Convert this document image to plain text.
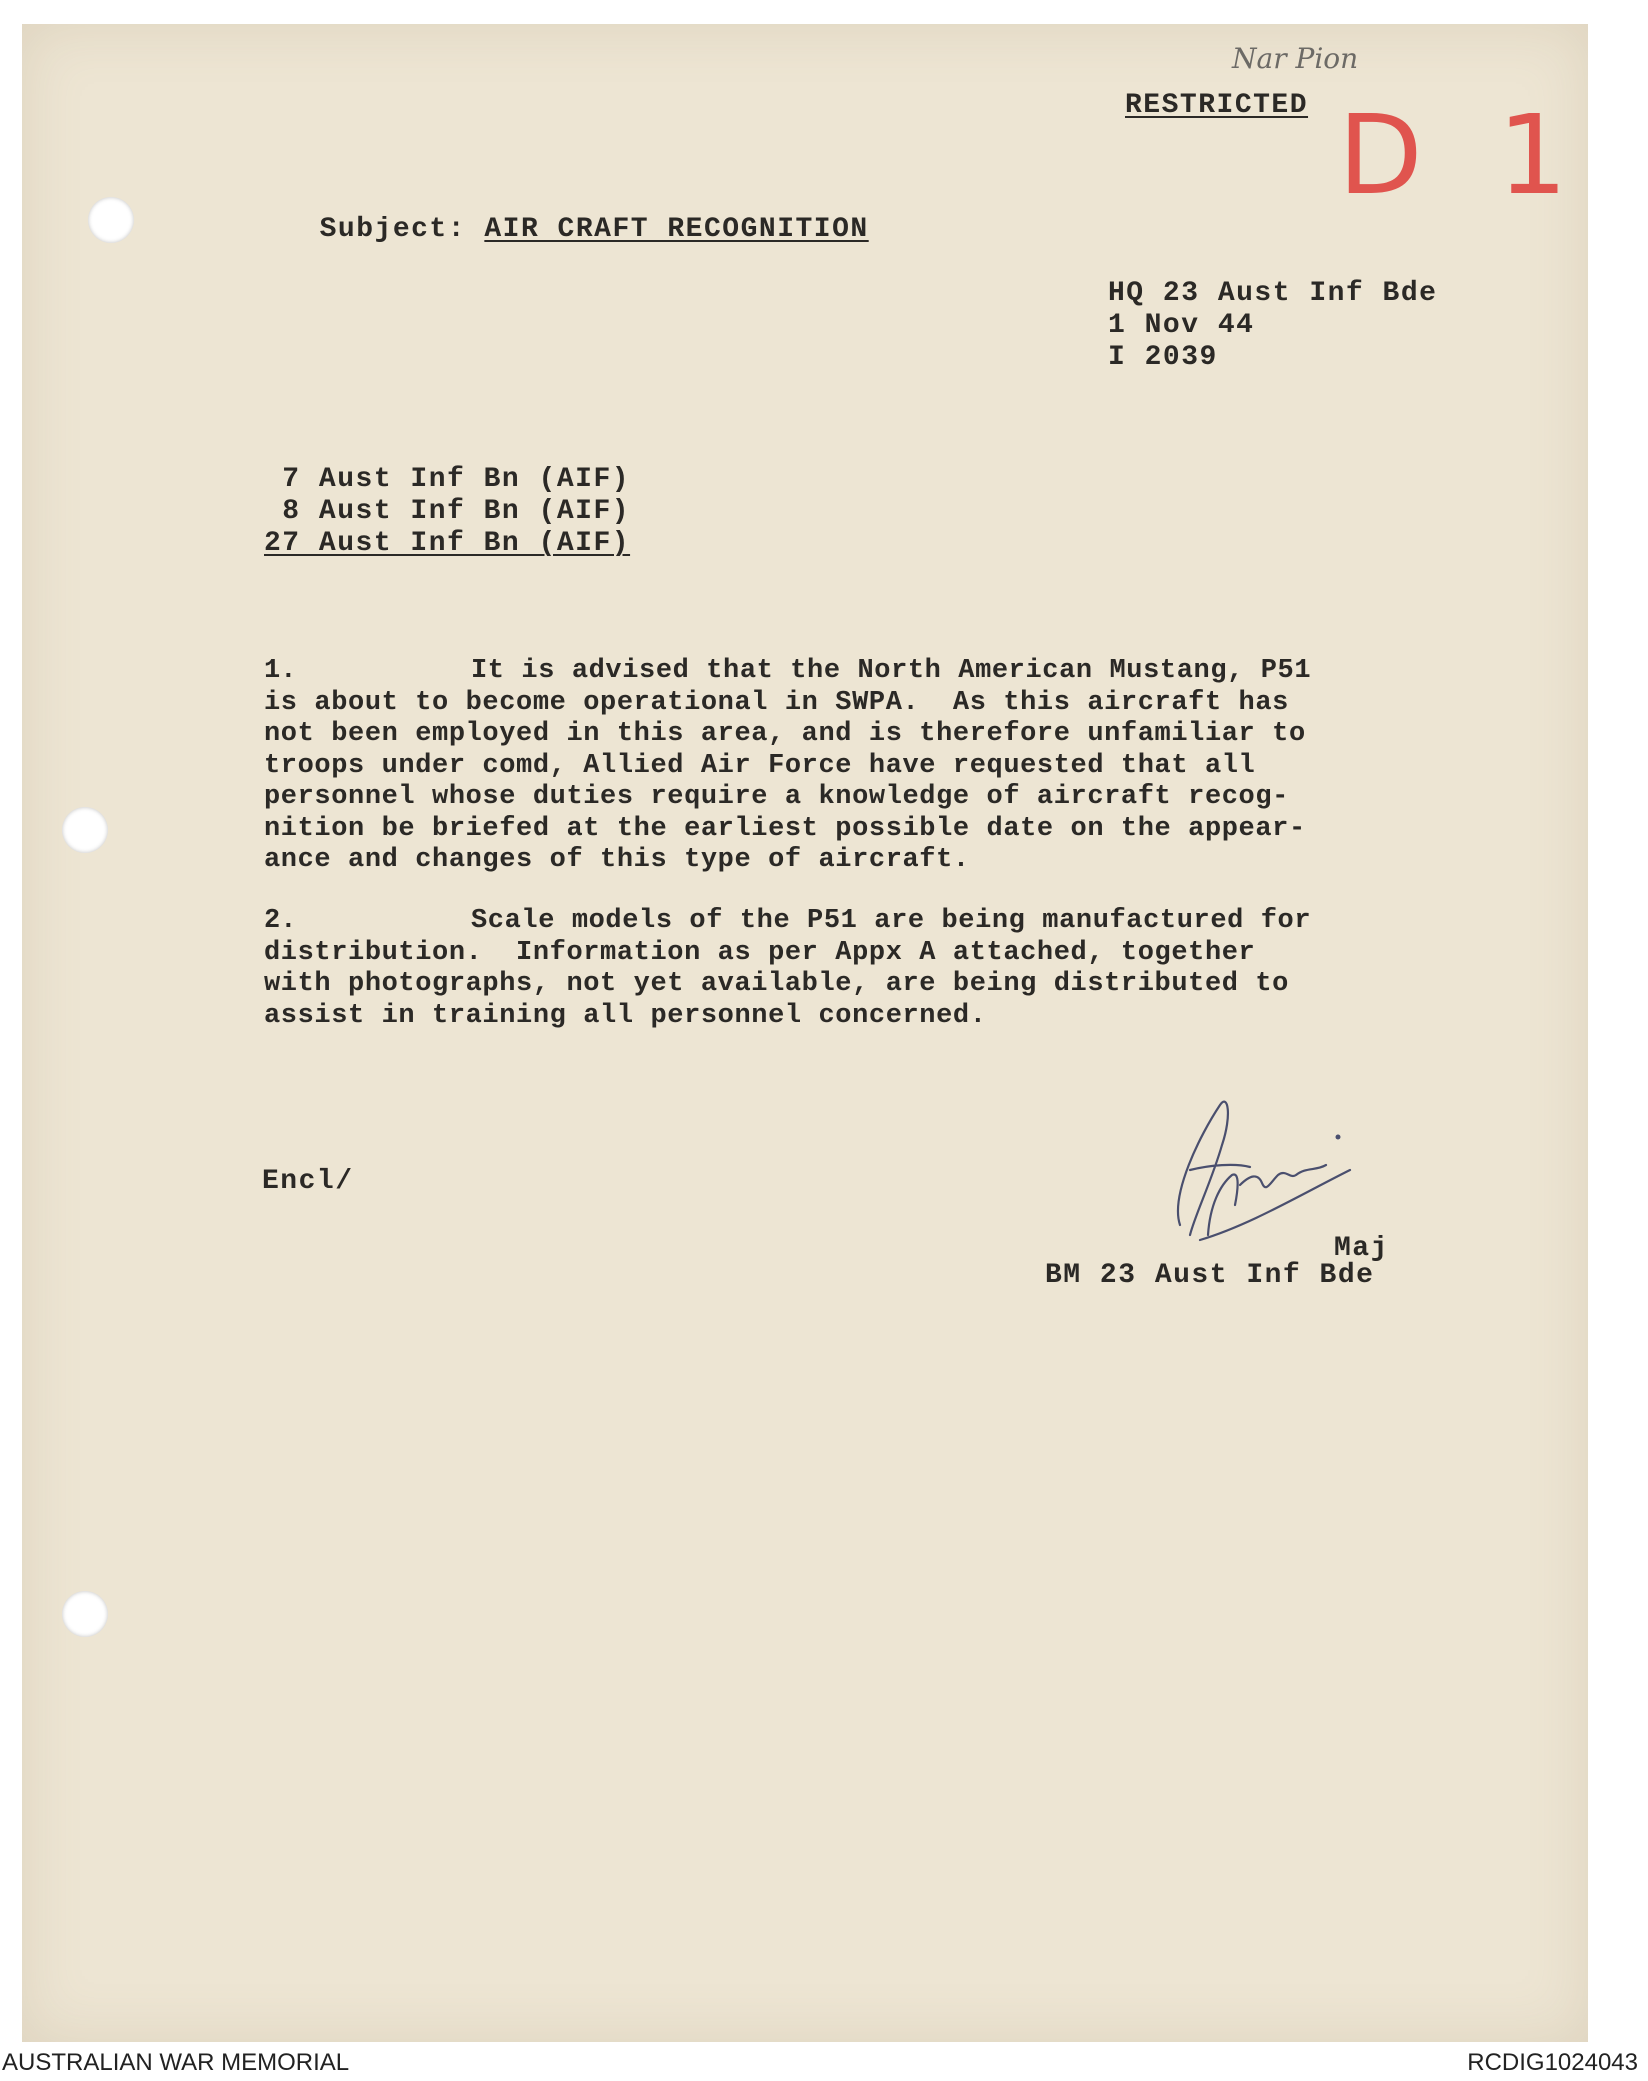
Nar Pion
RESTRICTED D 1

Subject: AIR CRAFT RECOGNITION

HQ 23 Aust Inf Bde
1 Nov 44
I 2039
7 Aust Inf Bn (AIF)
8 Aust Inf Bn (AIF)
27 Aust Inf Bn (AIF)
1.	It is advised that the North American Mustang, P51
is about to become operational in SWPA.  As this aircraft has
not been employed in this area, and is therefore unfamiliar to
troops under comd, Allied Air Force have requested that all
personnel whose duties require a knowledge of aircraft recog-
nition be briefed at the earliest possible date on the appear-
ance and changes of this type of aircraft.
2.	Scale models of the P51 are being manufactured for
distribution.  Information as per Appx A attached, together
with photographs, not yet available, are being distributed to
assist in training all personnel concerned.
Encl/
Maj
BM 23 Aust Inf Bde
AUSTRALIAN WAR MEMORIAL	RCDIG1024043
